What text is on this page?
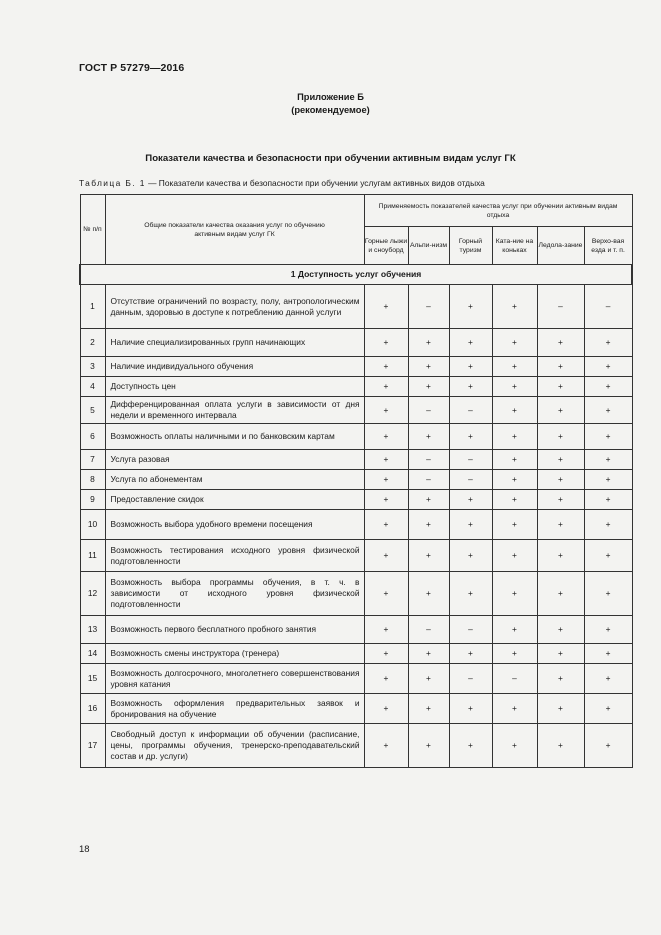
ГОСТ Р 57279—2016
Приложение Б
(рекомендуемое)
Показатели качества и безопасности при обучении активным видам услуг ГК
Таблица Б. 1 — Показатели качества и безопасности при обучении услугам активных видов отдыха
№ п/п	Общие показатели качества оказания услуг по обучению активным видам услуг ГК	Применяемость показателей качества услуг при обучении активным видам отдыха					
		Горные лыжи и сноуборд	Альпи-низм	Горный туризм	Ката-ние на коньках	Ледола-зание	Верхо-вая езда и т. п.
1 Доступность услуг обучения							
1	Отсутствие ограничений по возрасту, полу, антропологическим данным, здоровью в доступе к потреблению данной услуги	+	–	+	+	–	–
2	Наличие специализированных групп начинающих	+	+	+	+	+	+
3	Наличие индивидуального обучения	+	+	+	+	+	+
4	Доступность цен	+	+	+	+	+	+
5	Дифференцированная оплата услуги в зависимости от дня недели и временного интервала	+	–	–	+	+	+
6	Возможность оплаты наличными и по банковским картам	+	+	+	+	+	+
7	Услуга разовая	+	–	–	+	+	+
8	Услуга по абонементам	+	–	–	+	+	+
9	Предоставление скидок	+	+	+	+	+	+
10	Возможность выбора удобного времени посещения	+	+	+	+	+	+
11	Возможность тестирования исходного уровня физической подготовленности	+	+	+	+	+	+
12	Возможность выбора программы обучения, в т. ч. в зависимости от исходного уровня физической подготовленности	+	+	+	+	+	+
13	Возможность первого бесплатного пробного занятия	+	–	–	+	+	+
14	Возможность смены инструктора (тренера)	+	+	+	+	+	+
15	Возможность долгосрочного, многолетнего совершенствования уровня катания	+	+	–	–	+	+
16	Возможность оформления предварительных заявок и бронирования на обучение	+	+	+	+	+	+
17	Свободный доступ к информации об обучении (расписание, цены, программы обучения, тренерско-преподавательский состав и др. услуги)	+	+	+	+	+	+
18
